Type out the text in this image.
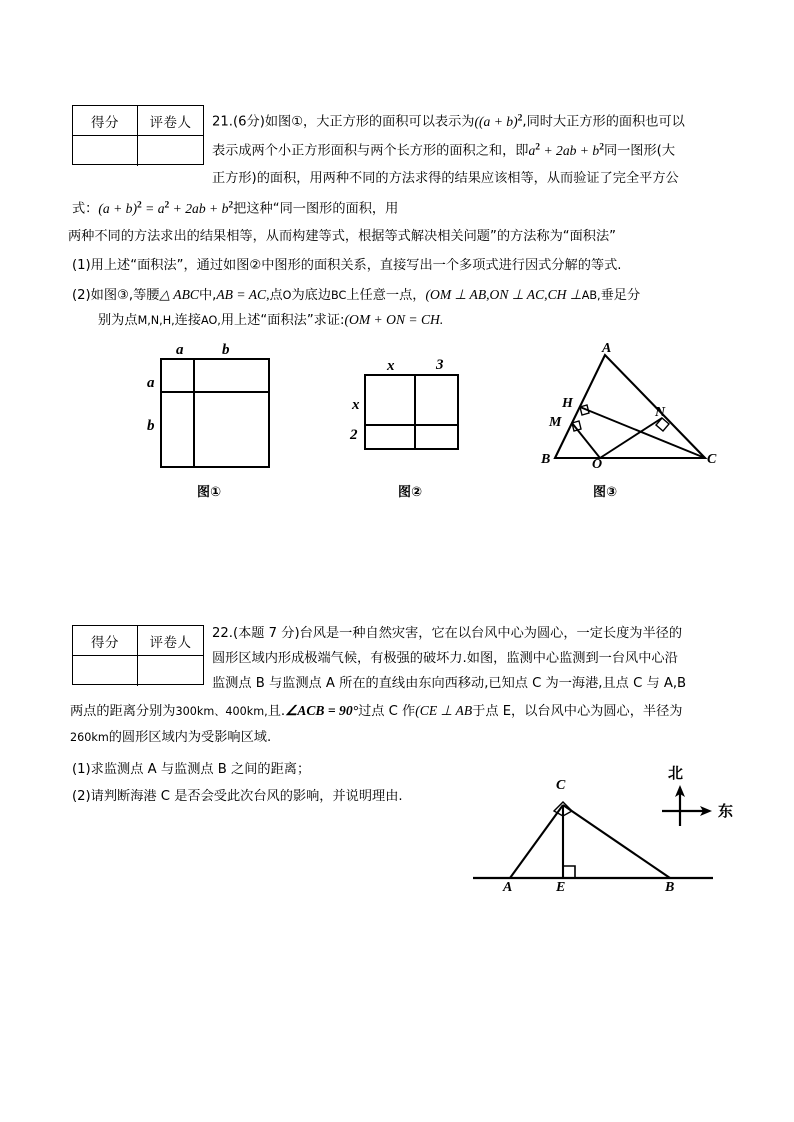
得分	评卷人	21.(6分)如图①，大正方形的面积可以表示为($(a + b)^2$,同时大正方形的面积也可以
表示成两个小正方形面积与两个长方形的面积之和，即$a^2 + 2ab + b^2$同一图形(大
正方形)的面积，用两种不同的方法求得的结果应该相等，从而验证了完全平方公
式：$(a + b)^2 = a^2 + 2ab + b^2$把这种“同一图形的面积，用
两种不同的方法求出的结果相等，从而构建等式，根据等式解决相关问题”的方法称为“面积法”
(1)用上述“面积法”，通过如图②中图形的面积关系，直接写出一个多项式进行因式分解的等式.
(2)如图③,等腰△ ABC中,AB = AC,点O为底边BC上任意一点，(OM ⊥ AB,ON ⊥ AC,CH ⊥AB,垂足分
别为点M,N,H,连接AO,用上述“面积法”求证:(OM + ON = CH.
a	b
a
b
图①
x	3
x
2
图②
A
H
N
M
B	O	C
图③
得分	评卷人
22.(本题 7 分)台风是一种自然灾害，它在以台风中心为圆心，一定长度为半径的
圆形区域内形成极端气候，有极强的破坏力.如图，监测中心监测到一台风中心沿
监测点 B 与监测点 A 所在的直线由东向西移动,已知点 C 为一海港,且点 C 与 A,B
两点的距离分别为300km、400km,且.∠ACB = 90°过点 C 作(CE ⊥ AB于点 E，以台风中心为圆心，半径为
260km的圆形区域内为受影响区域.
(1)求监测点 A 与监测点 B 之间的距离；
(2)请判断海港 C 是否会受此次台风的影响，并说明理由.
C
A	E	B
北
东
